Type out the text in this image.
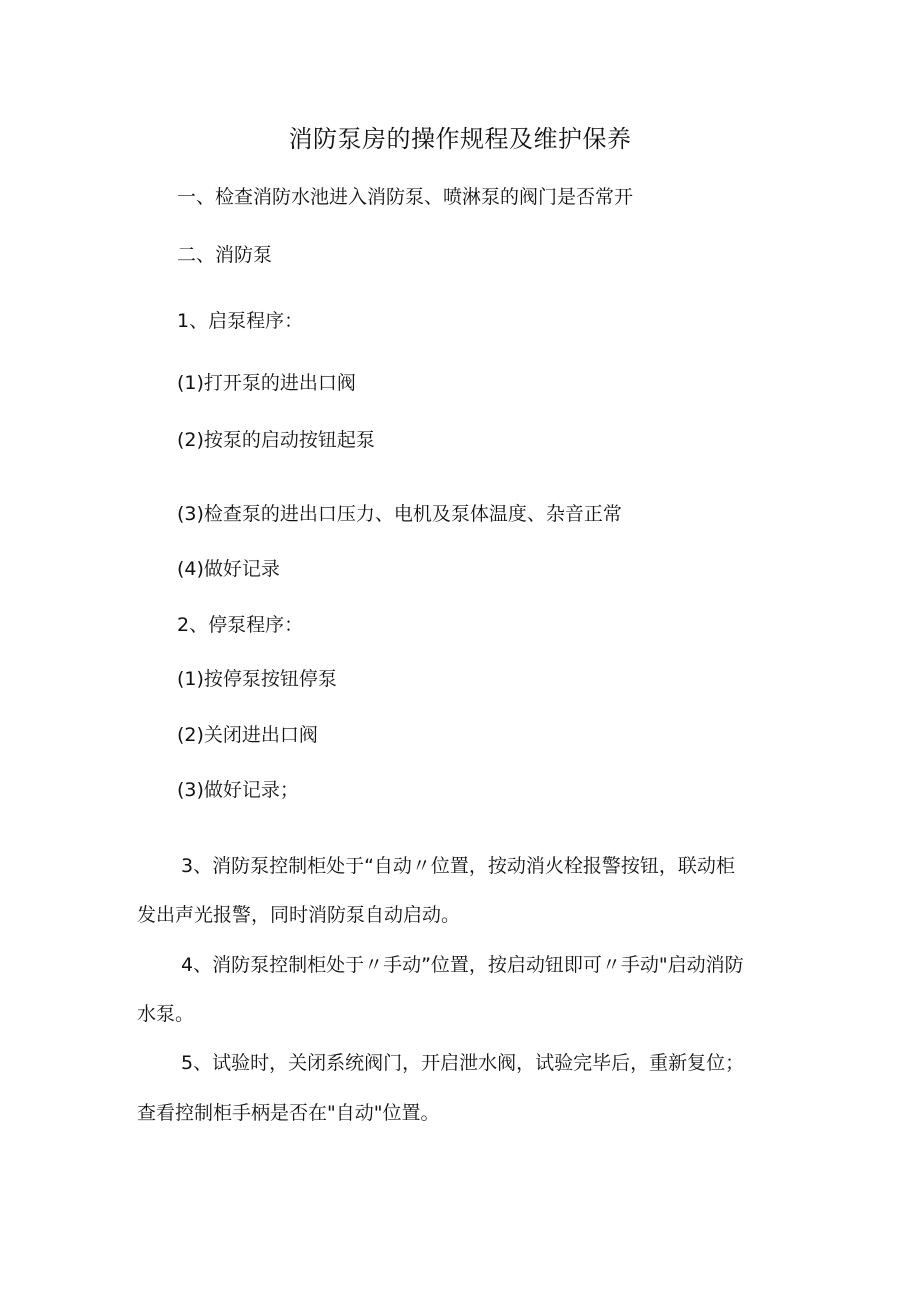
消防泵房的操作规程及维护保养
一、检查消防水池进入消防泵、喷淋泵的阀门是否常开
二、消防泵
1、启泵程序：
(1)打开泵的进出口阀
(2)按泵的启动按钮起泵
(3)检查泵的进出口压力、电机及泵体温度、杂音正常
(4)做好记录
2、停泵程序：
(1)按停泵按钮停泵
(2)关闭进出口阀
(3)做好记录；
3、消防泵控制柜处于“自动〃位置，按动消火栓报警按钮，联动柜
发出声光报警，同时消防泵自动启动。
4、消防泵控制柜处于〃手动”位置，按启动钮即可〃手动"启动消防
水泵。
5、试验时，关闭系统阀门，开启泄水阀，试验完毕后，重新复位；
查看控制柜手柄是否在"自动"位置。
